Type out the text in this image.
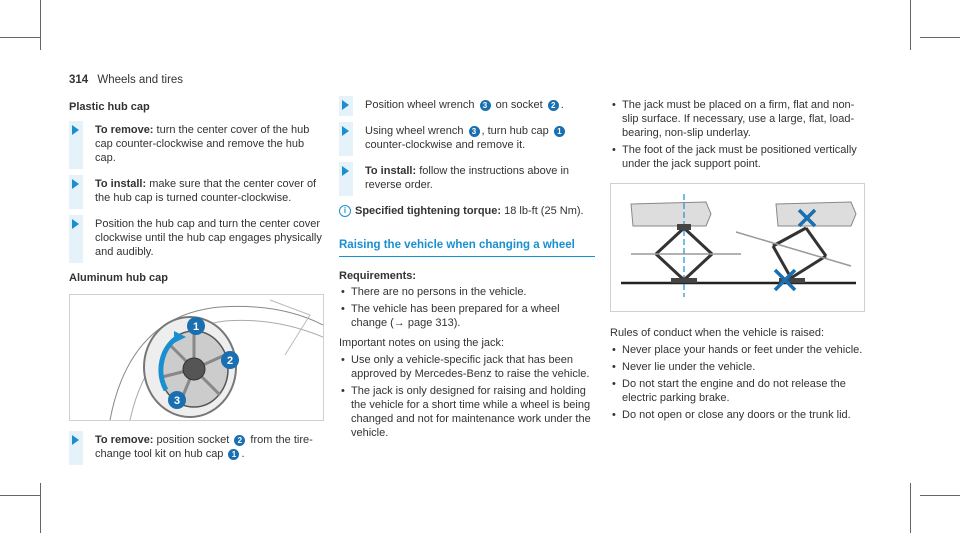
314 Wheels and tires
Plastic hub cap
To remove: turn the center cover of the hub cap counter-clockwise and remove the hub cap.
To install: make sure that the center cover of the hub cap is turned counter-clockwise.
Position the hub cap and turn the center cover clockwise until the hub cap engages physically and audibly.
Aluminum hub cap
1
2
3
To remove: position socket 2 from the tire-change tool kit on hub cap 1 .
Position wheel wrench 3 on socket 2 .
Using wheel wrench 3 , turn hub cap 1 counter-clockwise and remove it.
To install: follow the instructions above in reverse order.
i Specified tightening torque: 18 lb-ft (25 Nm).
Raising the vehicle when changing a wheel
Requirements:
• There are no persons in the vehicle.
• The vehicle has been prepared for a wheel change (→ page 313).
Important notes on using the jack:
• Use only a vehicle-specific jack that has been approved by Mercedes-Benz to raise the vehicle.
• The jack is only designed for raising and holding the vehicle for a short time while a wheel is being changed and not for maintenance work under the vehicle.
• The jack must be placed on a firm, flat and non-slip surface. If necessary, use a large, flat, load-bearing, non-slip underlay.
• The foot of the jack must be positioned vertically under the jack support point.
Rules of conduct when the vehicle is raised:
• Never place your hands or feet under the vehicle.
• Never lie under the vehicle.
• Do not start the engine and do not release the electric parking brake.
• Do not open or close any doors or the trunk lid.
